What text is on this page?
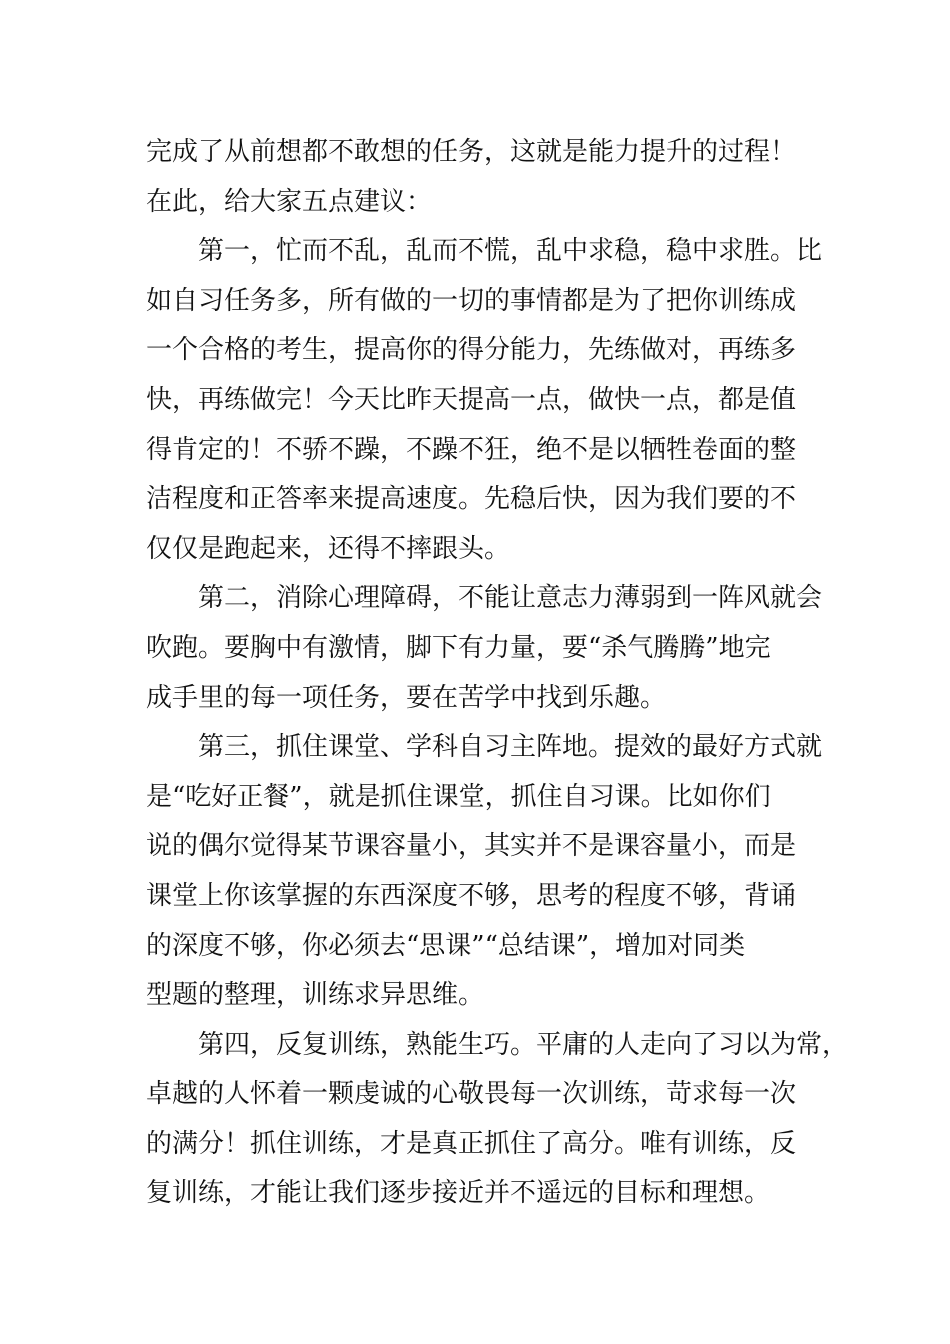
完成了从前想都不敢想的任务，这就是能力提升的过程！
在此，给大家五点建议：
　　第一，忙而不乱，乱而不慌，乱中求稳，稳中求胜。比
如自习任务多，所有做的一切的事情都是为了把你训练成
一个合格的考生，提高你的得分能力，先练做对，再练多
快，再练做完！今天比昨天提高一点，做快一点，都是值
得肯定的！不骄不躁，不躁不狂，绝不是以牺牲卷面的整
洁程度和正答率来提高速度。先稳后快，因为我们要的不
仅仅是跑起来，还得不摔跟头。
　　第二，消除心理障碍，不能让意志力薄弱到一阵风就会
吹跑。要胸中有激情，脚下有力量，要“杀气腾腾”地完
成手里的每一项任务，要在苦学中找到乐趣。
　　第三，抓住课堂、学科自习主阵地。提效的最好方式就
是“吃好正餐”，就是抓住课堂，抓住自习课。比如你们
说的偶尔觉得某节课容量小，其实并不是课容量小，而是
课堂上你该掌握的东西深度不够，思考的程度不够，背诵
的深度不够，你必须去“思课”“总结课”，增加对同类
型题的整理，训练求异思维。
　　第四，反复训练，熟能生巧。平庸的人走向了习以为常，
卓越的人怀着一颗虔诚的心敬畏每一次训练，苛求每一次
的满分！抓住训练，才是真正抓住了高分。唯有训练，反
复训练，才能让我们逐步接近并不遥远的目标和理想。
